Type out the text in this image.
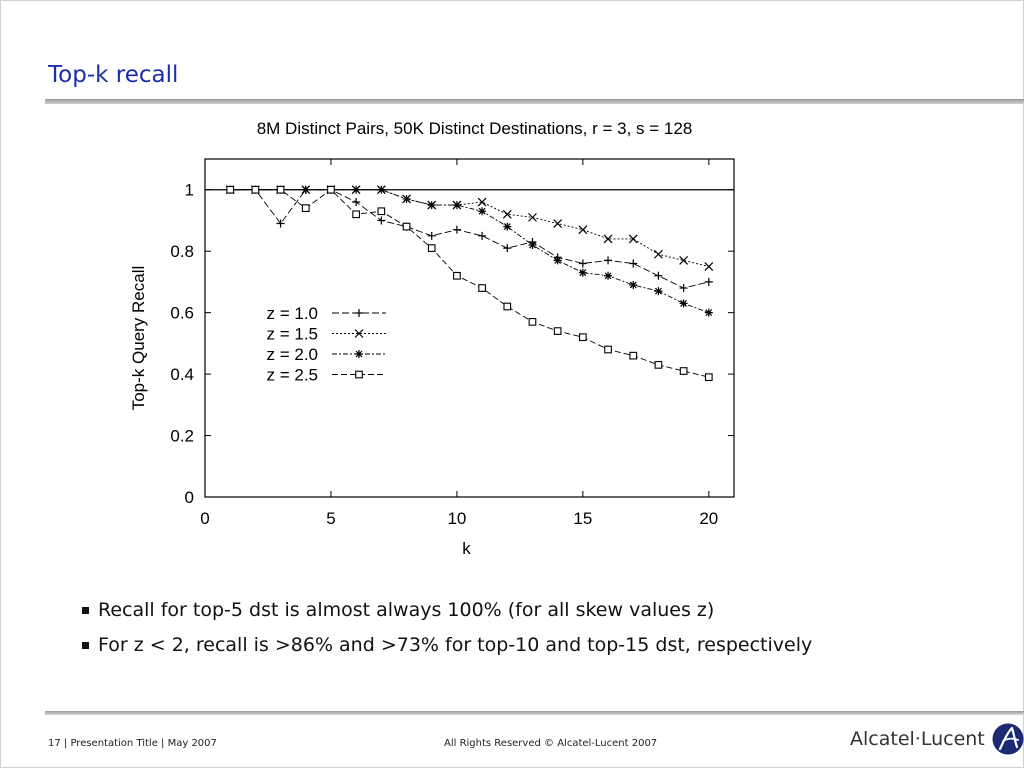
Top-k recall
8M Distinct Pairs, 50K Distinct Destinations, r = 3, s = 128
0
0.2
0.4
0.6
0.8
1
0	5	10	15	20
k
Top-k Query Recall	z = 1.0
z = 1.5
z = 2.0
z = 2.5
Recall for top-5 dst is almost always 100% (for all skew values z)
For z < 2, recall is >86% and >73% for top-10 and top-15 dst, respectively
17 | Presentation Title | May 2007	All Rights Reserved © Alcatel-Lucent 2007	Alcatel·Lucent
